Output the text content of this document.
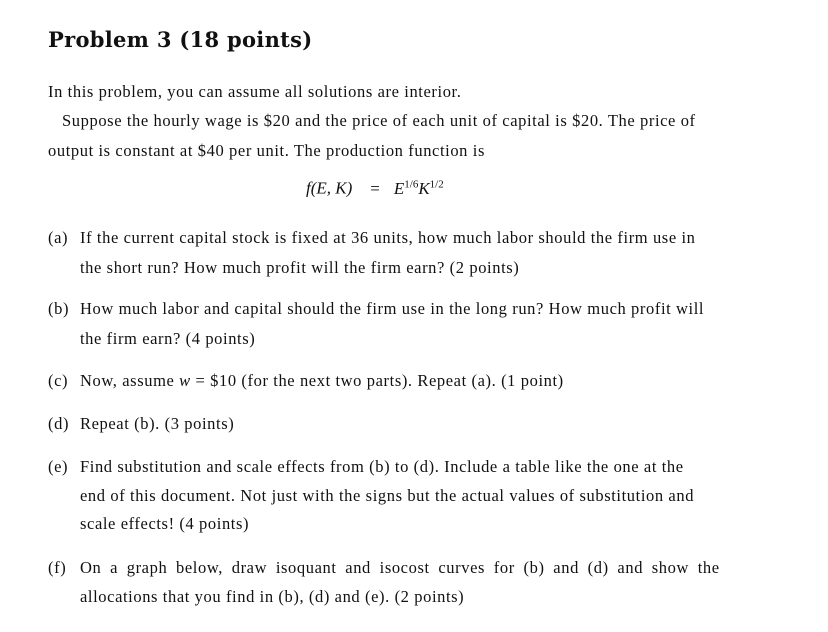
Problem 3 (18 points)
In this problem, you can assume all solutions are interior.
Suppose the hourly wage is $20 and the price of each unit of capital is $20. The price of
output is constant at $40 per unit. The production function is
f(E, $K) = E^{1/6}K^{1/2}$
(a) If the current capital stock is fixed at 36 units, how much labor should the firm use in
the short run? How much profit will the firm earn? (2 points)
(b) How much labor and capital should the firm use in the long run? How much profit will
the firm earn? (4 points)
(c) Now, assume w = $10 (for the next two parts). Repeat (a). (1 point)
(d) Repeat (b). (3 points)
(e) Find substitution and scale effects from (b) to (d). Include a table like the one at the
end of this document. Not just with the signs but the actual values of substitution and
scale effects! (4 points)
(f) On a graph below, draw isoquant and isocost curves for (b) and (d) and show the
allocations that you find in (b), (d) and (e). (2 points)
